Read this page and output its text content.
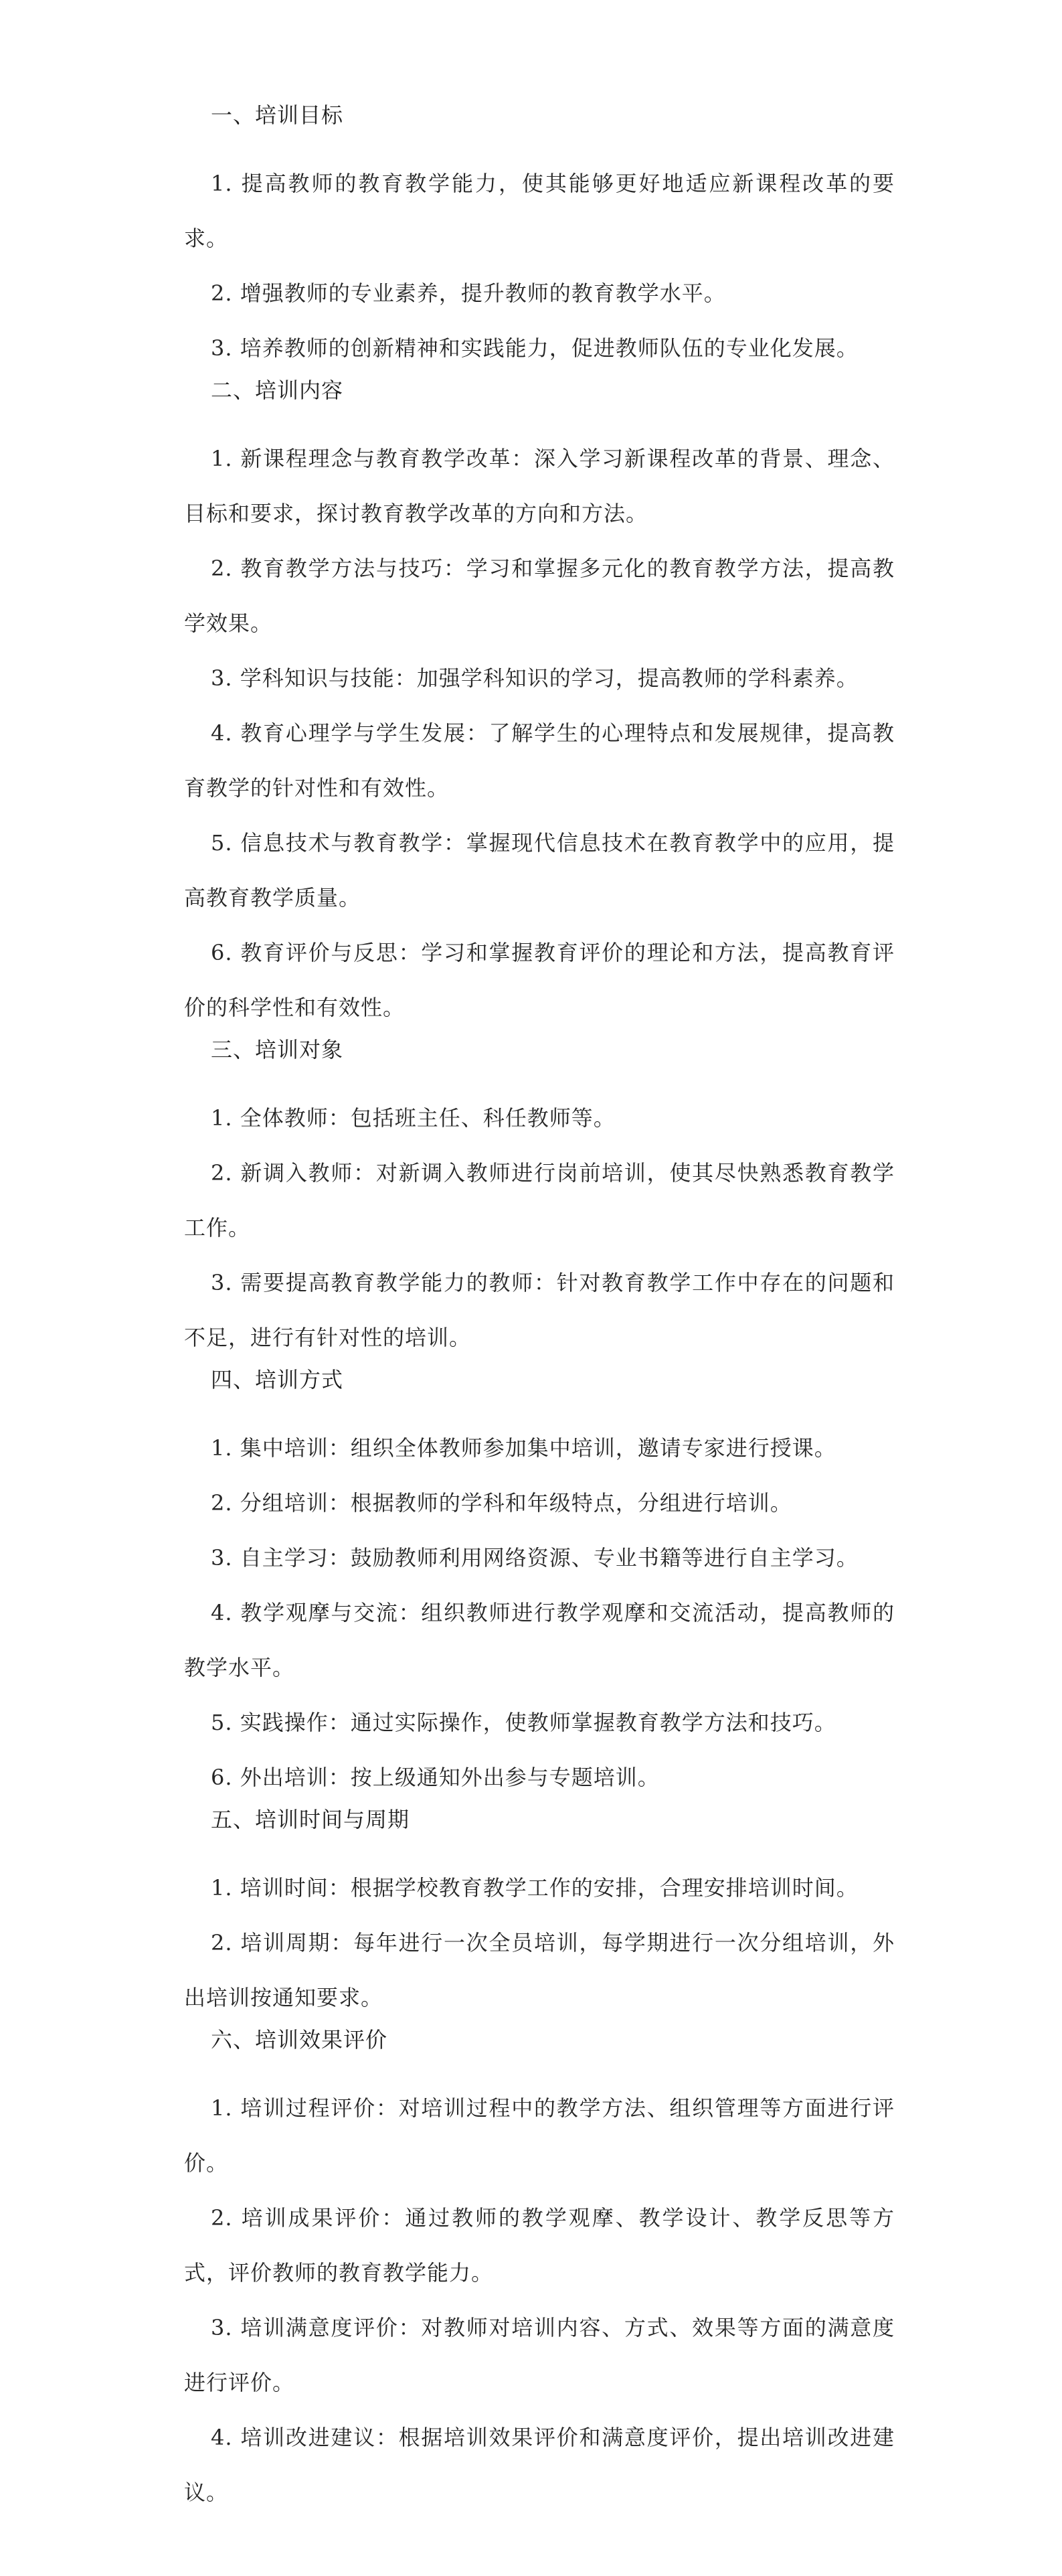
一、培训目标

1. 提高教师的教育教学能力，使其能够更好地适应新课程改革的要求。

2. 增强教师的专业素养，提升教师的教育教学水平。

3. 培养教师的创新精神和实践能力，促进教师队伍的专业化发展。

二、培训内容

1. 新课程理念与教育教学改革：深入学习新课程改革的背景、理念、目标和要求，探讨教育教学改革的方向和方法。

2. 教育教学方法与技巧：学习和掌握多元化的教育教学方法，提高教学效果。

3. 学科知识与技能：加强学科知识的学习，提高教师的学科素养。

4. 教育心理学与学生发展：了解学生的心理特点和发展规律，提高教育教学的针对性和有效性。

5. 信息技术与教育教学：掌握现代信息技术在教育教学中的应用，提高教育教学质量。

6. 教育评价与反思：学习和掌握教育评价的理论和方法，提高教育评价的科学性和有效性。

三、培训对象

1. 全体教师：包括班主任、科任教师等。

2. 新调入教师：对新调入教师进行岗前培训，使其尽快熟悉教育教学工作。

3. 需要提高教育教学能力的教师：针对教育教学工作中存在的问题和不足，进行有针对性的培训。

四、培训方式

1. 集中培训：组织全体教师参加集中培训，邀请专家进行授课。

2. 分组培训：根据教师的学科和年级特点，分组进行培训。

3. 自主学习：鼓励教师利用网络资源、专业书籍等进行自主学习。

4. 教学观摩与交流：组织教师进行教学观摩和交流活动，提高教师的教学水平。

5. 实践操作：通过实际操作，使教师掌握教育教学方法和技巧。

6. 外出培训：按上级通知外出参与专题培训。

五、培训时间与周期

1. 培训时间：根据学校教育教学工作的安排，合理安排培训时间。

2. 培训周期：每年进行一次全员培训，每学期进行一次分组培训，外出培训按通知要求。

六、培训效果评价

1. 培训过程评价：对培训过程中的教学方法、组织管理等方面进行评价。

2. 培训成果评价：通过教师的教学观摩、教学设计、教学反思等方式，评价教师的教育教学能力。

3. 培训满意度评价：对教师对培训内容、方式、效果等方面的满意度进行评价。

4. 培训改进建议：根据培训效果评价和满意度评价，提出培训改进建议。
